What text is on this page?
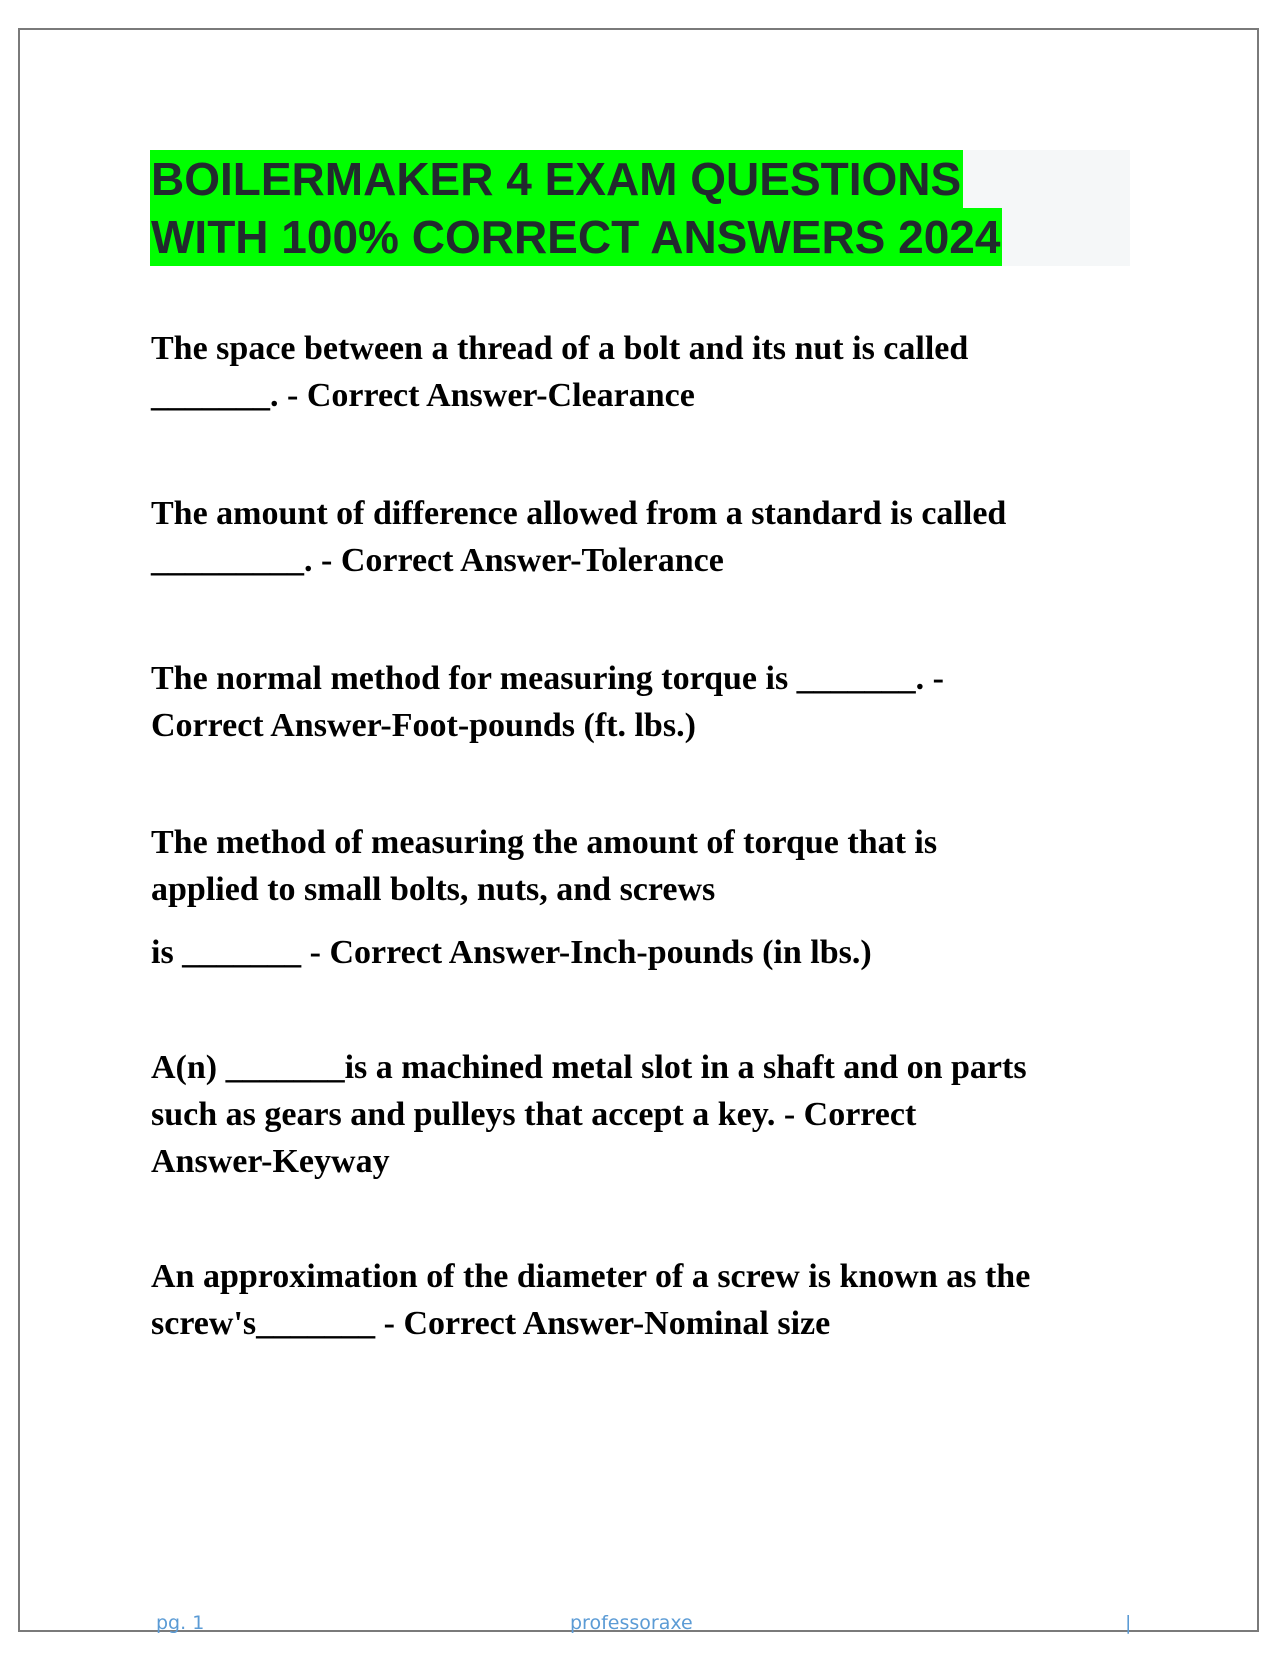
BOILERMAKER 4 EXAM QUESTIONS
WITH 100% CORRECT ANSWERS 2024
The space between a thread of a bolt and its nut is called
_______. - Correct Answer-Clearance
The amount of difference allowed from a standard is called
_________. - Correct Answer-Tolerance
The normal method for measuring torque is _______. -
Correct Answer-Foot-pounds (ft. lbs.)
The method of measuring the amount of torque that is
applied to small bolts, nuts, and screws
is _______ - Correct Answer-Inch-pounds (in lbs.)
A(n) _______is a machined metal slot in a shaft and on parts
such as gears and pulleys that accept a key. - Correct
Answer-Keyway
An approximation of the diameter of a screw is known as the
screw's_______ - Correct Answer-Nominal size
pg. 1	professoraxe	|
